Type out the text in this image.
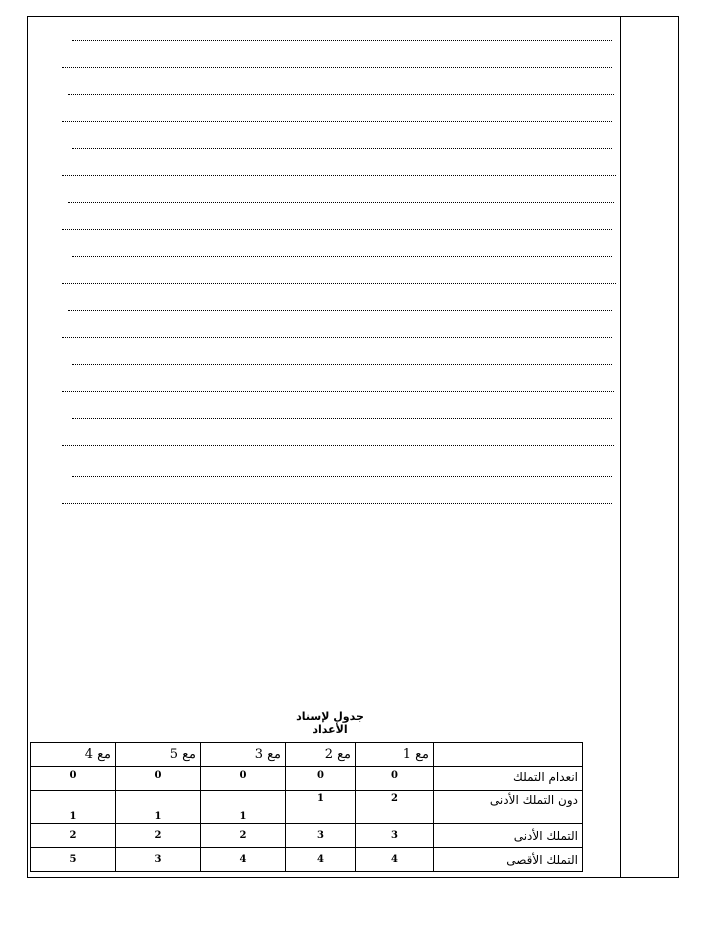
جدول لإسناد الأعداد
مع 4	مع 5	مع 3	مع 2	مع 1	
0	0	0	0	0	انعدام التملك

1	1	1	1	2	دون التملك الأدنى
2	2	2	3	3	التملك الأدنى
5	3	4	4	4	التملك الأقصى
